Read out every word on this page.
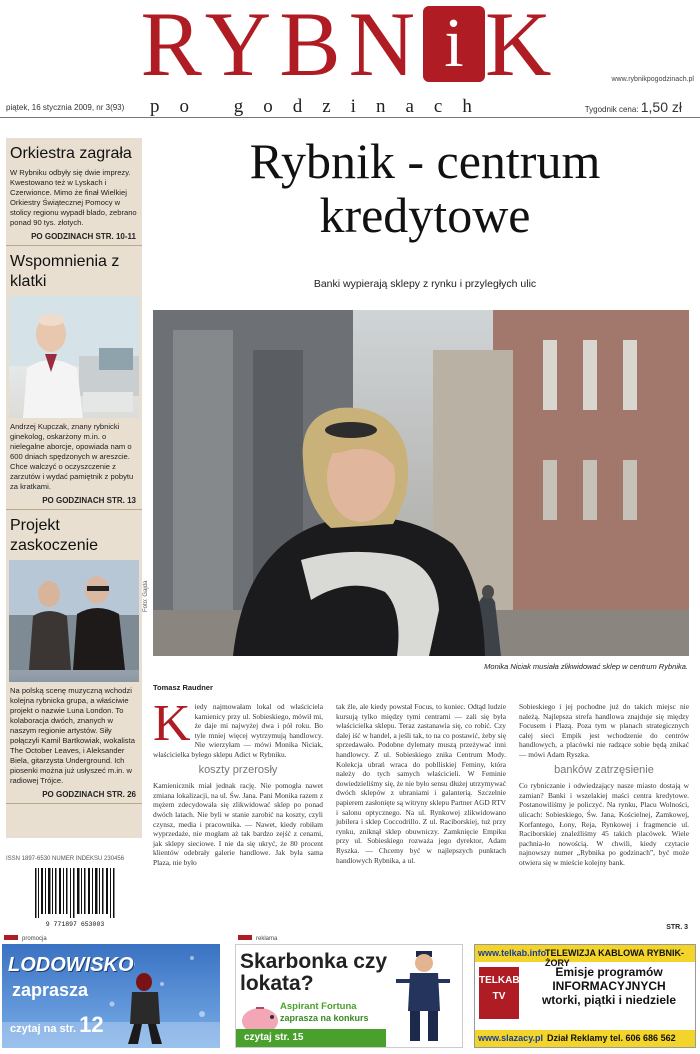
RYBN i K	www.rybnikpogodzinach.pl
piątek, 16 stycznia 2009, nr 3(93) po godzinach	Tygodnik cena: 1,50 zł
Orkiestra zagrała
W Rybniku odbyły się dwie imprezy. Kwestowano też w Lyskach i Czerwionce. Mimo że finał Wielkiej Orkiestry Świątecznej Pomocy w stolicy regionu wypadł blado, zebrano ponad 90 tys. złotych.
PO GODZINACH STR. 10-11
Wspomnienia z klatki
Andrzej Kupczak, znany rybnicki ginekolog, oskarżony m.in. o nielegalne aborcje, opowiada nam o 600 dniach spędzonych w areszcie. Chce walczyć o oczyszczenie z zarzutów i wydać pamiętnik z pobytu za kratkami.
PO GODZINACH STR. 13
Projekt zaskoczenie
Na polską scenę muzyczną wchodzi kolejna rybnicka grupa, a właściwie projekt o nazwie Luna London. To kolaboracja dwóch, znanych w naszym regionie artystów. Siły połączyli Kamil Bartkowiak, wokalista The October Leaves, i Aleksander Biela, gitarzysta Underground. Ich piosenki można już usłyszeć m.in. w radiowej Trójce.
PO GODZINACH STR. 26
ISSN 1897-6530 NUMER INDEKSU 230456
9 771897 653003
Rybnik - centrum
kredytowe
Banki wypierają sklepy z rynku i przyległych ulic
Foto: Gajda
Monika Niciak musiała zlikwidować sklep w centrum Rybnika.
Tomasz Raudner
K iedy najmowałam lokal od właściciela kamienicy przy ul. Sobieskiego, mówił mi, że daje mi najwyżej dwa i pół roku. Bo tyle mniej więcej wytrzymują handlowcy. Nie wierzyłam — mówi Monika Niciak, właścicielka byłego sklepu Adict w Rybniku.
koszty przerosły
Kamienicznik miał jednak rację. Nie pomogła nawet zmiana lokalizacji, na ul. Św. Jana. Pani Monika razem z mężem zdecydowała się zlikwidować sklep po ponad dwóch latach. Nie byli w stanie zarobić na koszty, czyli czynsz, media i pracownika. — Nawet, kiedy robiłam wyprzedaże, nie mogłam aż tak bardzo zejść z cenami, jak sklepy sieciowe. I nie da się ukryć, że 80 procent klientów odebrały galerie handlowe. Jak była sama Plaza, nie było
tak źle, ale kiedy powstał Focus, to koniec. Odtąd ludzie kursują tylko między tymi centrami — zali się była właścicielka sklepu. Teraz zastanawia się, co robić. Czy dalej iść w handel, a jeśli tak, to na co postawić, żeby się sprzedawało. Podobne dylematy muszą przeżywać inni handlowcy. Z ul. Sobieskiego znika Centrum Mody. Kolekcja ubrań wraca do poblliskiej Feminy, która należy do tych samych właścicieli. W Feminie dowiedzieliśmy się, że nie było sensu dłużej utrzymywać dwóch sklepów z ubraniami i galanterią. Szczelnie papierem zasłonięte są witryny sklepu Partner AGD RTV i salonu optycznego. Na ul. Rynkowej zlikwidowano jubilera i sklep Coccodrillo. Z ul. Raciborskiej, tuż przy rynku, zniknął sklep obuwniczy. Zamknięcie Empiku przy ul. Sobieskiego rozważa jego dyrektor, Adam Ryszka. — Chcemy być w najlepszych punktach handlowych Rybnika, a ul.
Sobieskiego i jej pochodne już do takich miejsc nie należą. Najlepsza strefa handlowa znajduje się między Focusem i Plazą. Poza tym w planach strategicznych całej sieci Empik jest wchodzenie do centrów handlowych, a placówki nie radzące sobie będą znikać — mówi Adam Ryszka.
banków zatrzęsienie
Co rybniczanie i odwiedzający nasze miasto dostają w zamian? Banki i wszelakiej maści centra kredytowe. Postanowiliśmy je policzyć. Na rynku, Placu Wolności, ulicach: Sobieskiego, Św. Jana, Kościelnej, Zamkowej, Korfantego, Łony, Reja, Rynkowej i fragmencie ul. Raciborskiej znaleźliśmy 45 takich placówek. Wiele pachnia-ło nowością. W chwili, kiedy czytacie najnowszy numer „Rybnika po godzinach”, być może otwiera się w mieście kolejny bank.
STR. 3
promocja	reklama
LODOWISKO
zaprasza
czytaj na str. 12
Skarbonka czy lokata?
Aspirant Fortuna
zaprasza na konkurs
czytaj str. 15
www.telkab.info
TELEWIZJA KABLOWA RYBNIK- ŻORY
TELKAB TV
Emisje programów
INFORMACYJNYCH
wtorki, piątki i niedziele
www.slazacy.pl Dział Reklamy tel. 606 686 562
